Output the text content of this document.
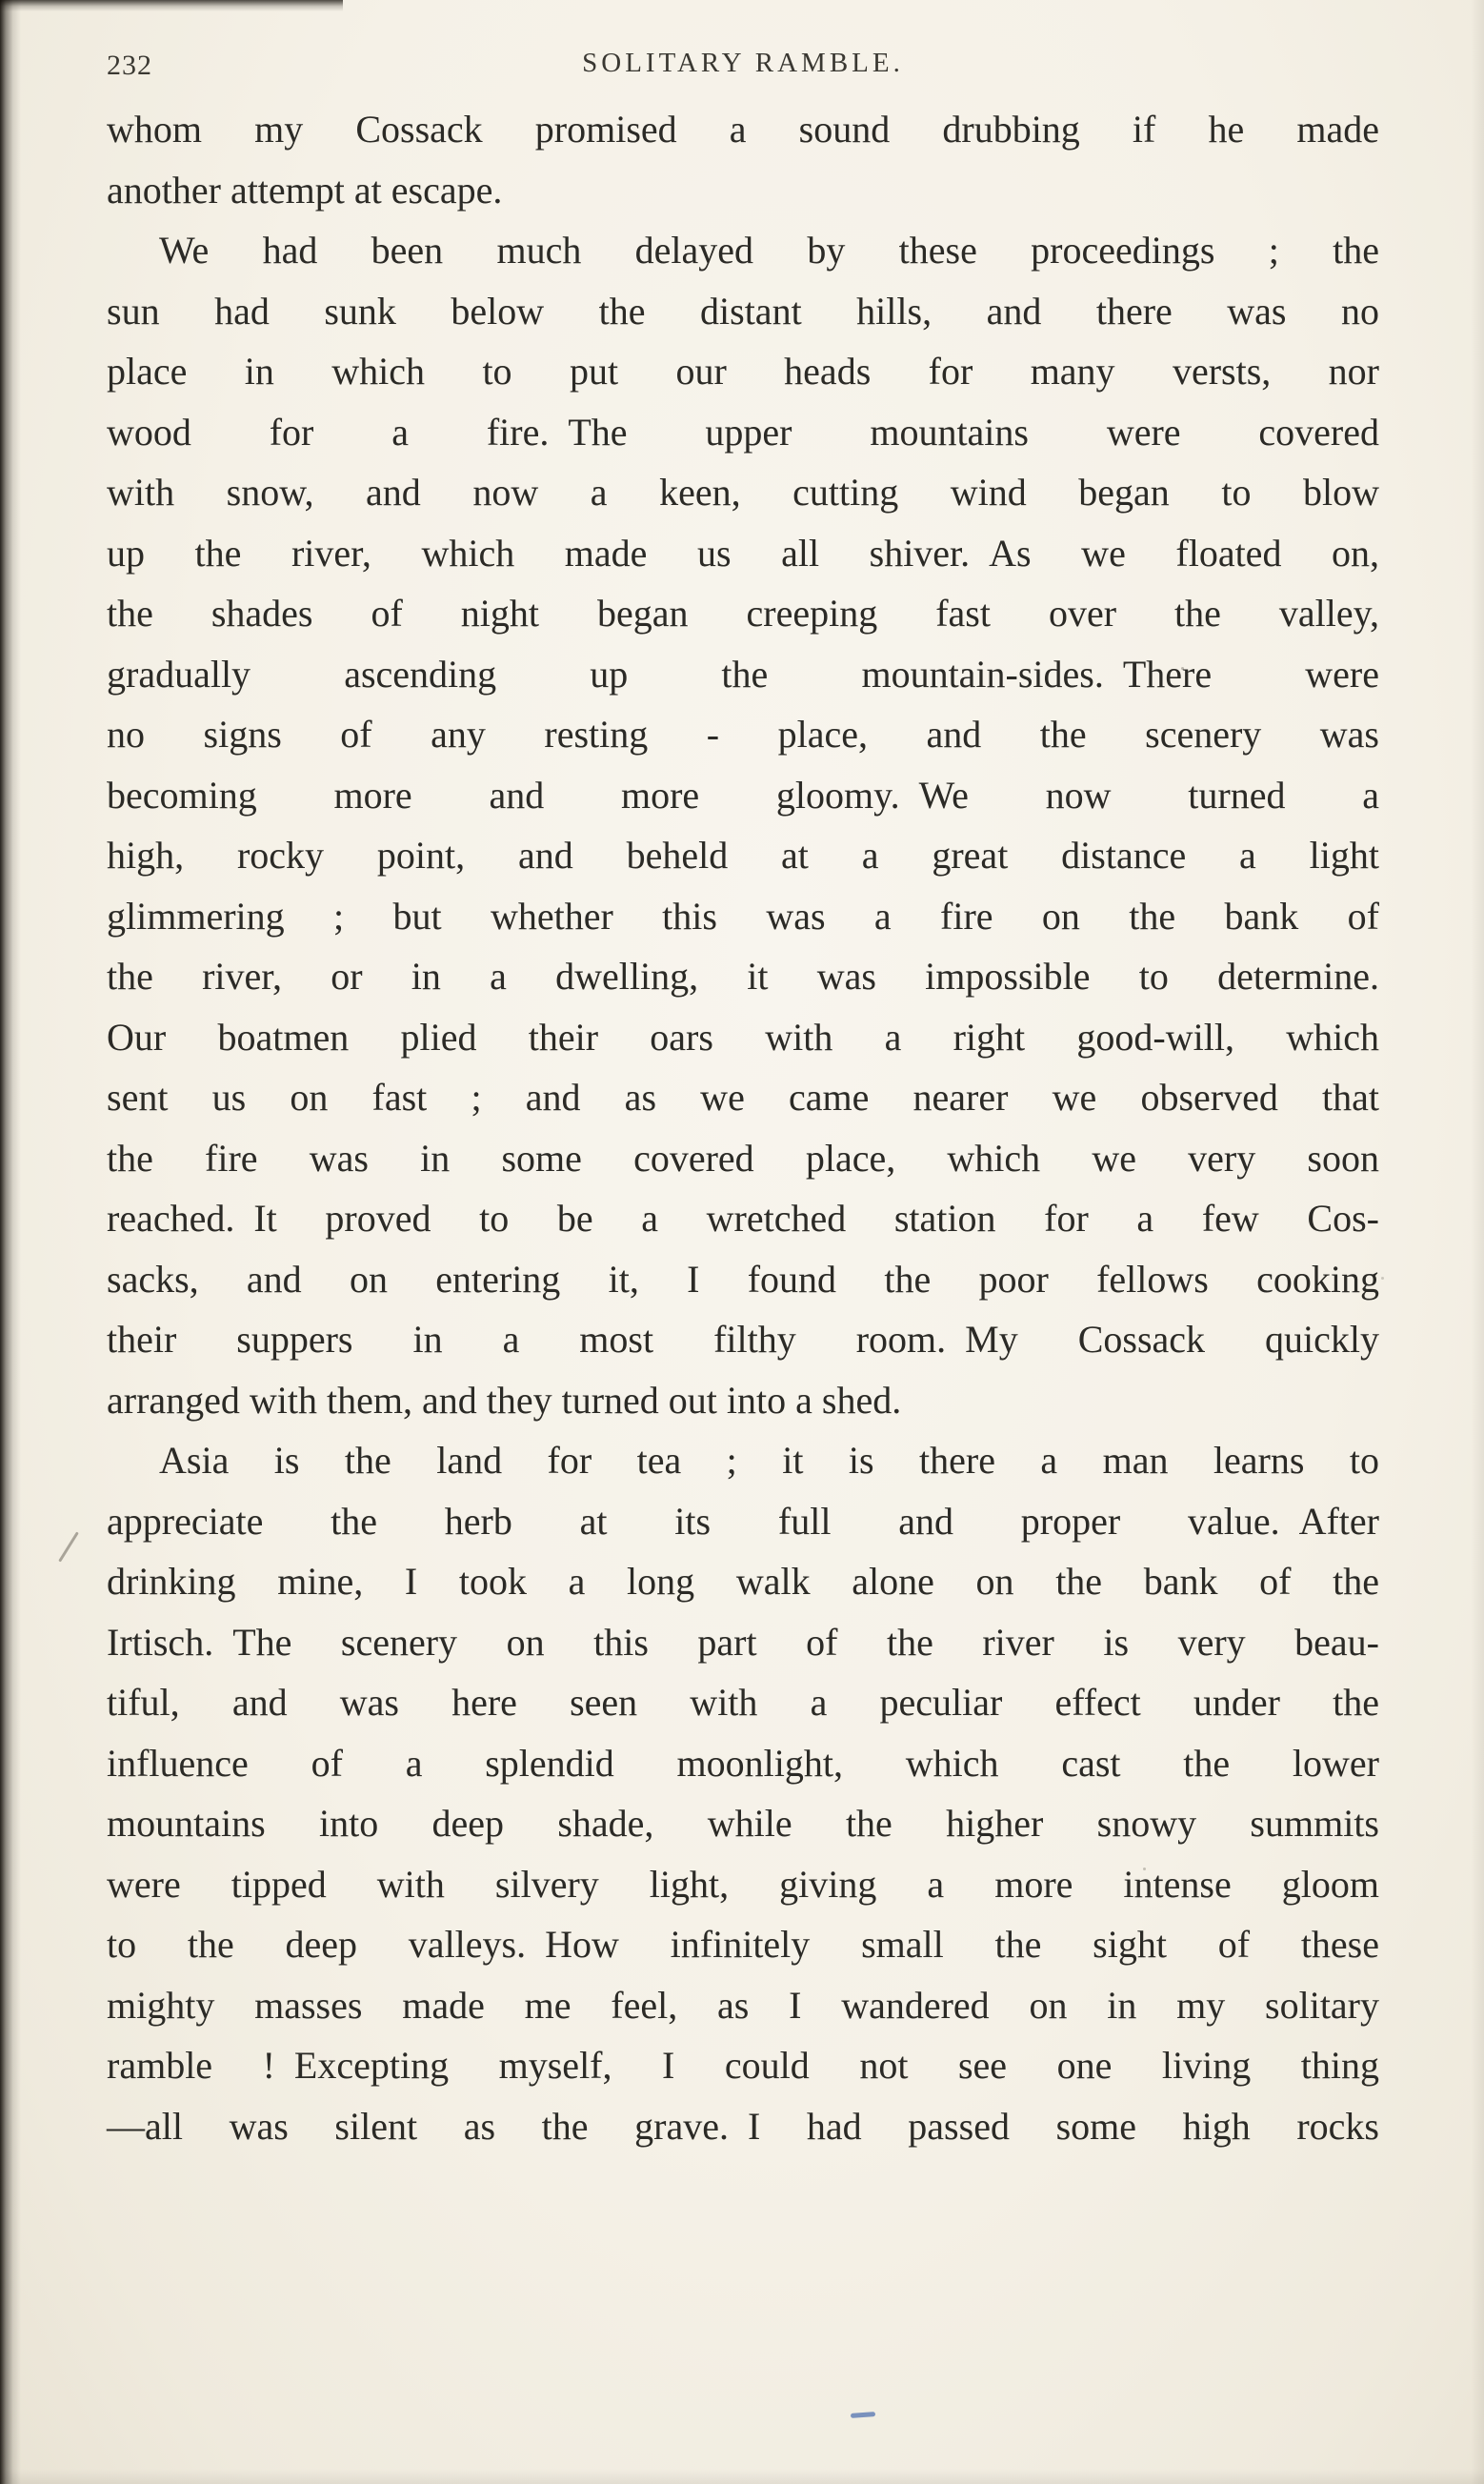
232	SOLITARY RAMBLE.
whom my Cossack promised a sound drubbing if he made
another attempt at escape.
We had been much delayed by these proceedings ; the
sun had sunk below the distant hills, and there was no
place in which to put our heads for many versts, nor
wood for a fire. The upper mountains were covered
with snow, and now a keen, cutting wind began to blow
up the river, which made us all shiver. As we floated on,
the shades of night began creeping fast over the valley,
gradually ascending up the mountain-sides. There were
no signs of any resting - place, and the scenery was
becoming more and more gloomy. We now turned a
high, rocky point, and beheld at a great distance a light
glimmering ; but whether this was a fire on the bank of
the river, or in a dwelling, it was impossible to determine.
Our boatmen plied their oars with a right good-will, which
sent us on fast ; and as we came nearer we observed that
the fire was in some covered place, which we very soon
reached. It proved to be a wretched station for a few Cos-
sacks, and on entering it, I found the poor fellows cooking
their suppers in a most filthy room. My Cossack quickly
arranged with them, and they turned out into a shed.
Asia is the land for tea ; it is there a man learns to
appreciate the herb at its full and proper value. After
drinking mine, I took a long walk alone on the bank of the
Irtisch. The scenery on this part of the river is very beau-
tiful, and was here seen with a peculiar effect under the
influence of a splendid moonlight, which cast the lower
mountains into deep shade, while the higher snowy summits
were tipped with silvery light, giving a more intense gloom
to the deep valleys. How infinitely small the sight of these
mighty masses made me feel, as I wandered on in my solitary
ramble ! Excepting myself, I could not see one living thing
—all was silent as the grave. I had passed some high rocks
